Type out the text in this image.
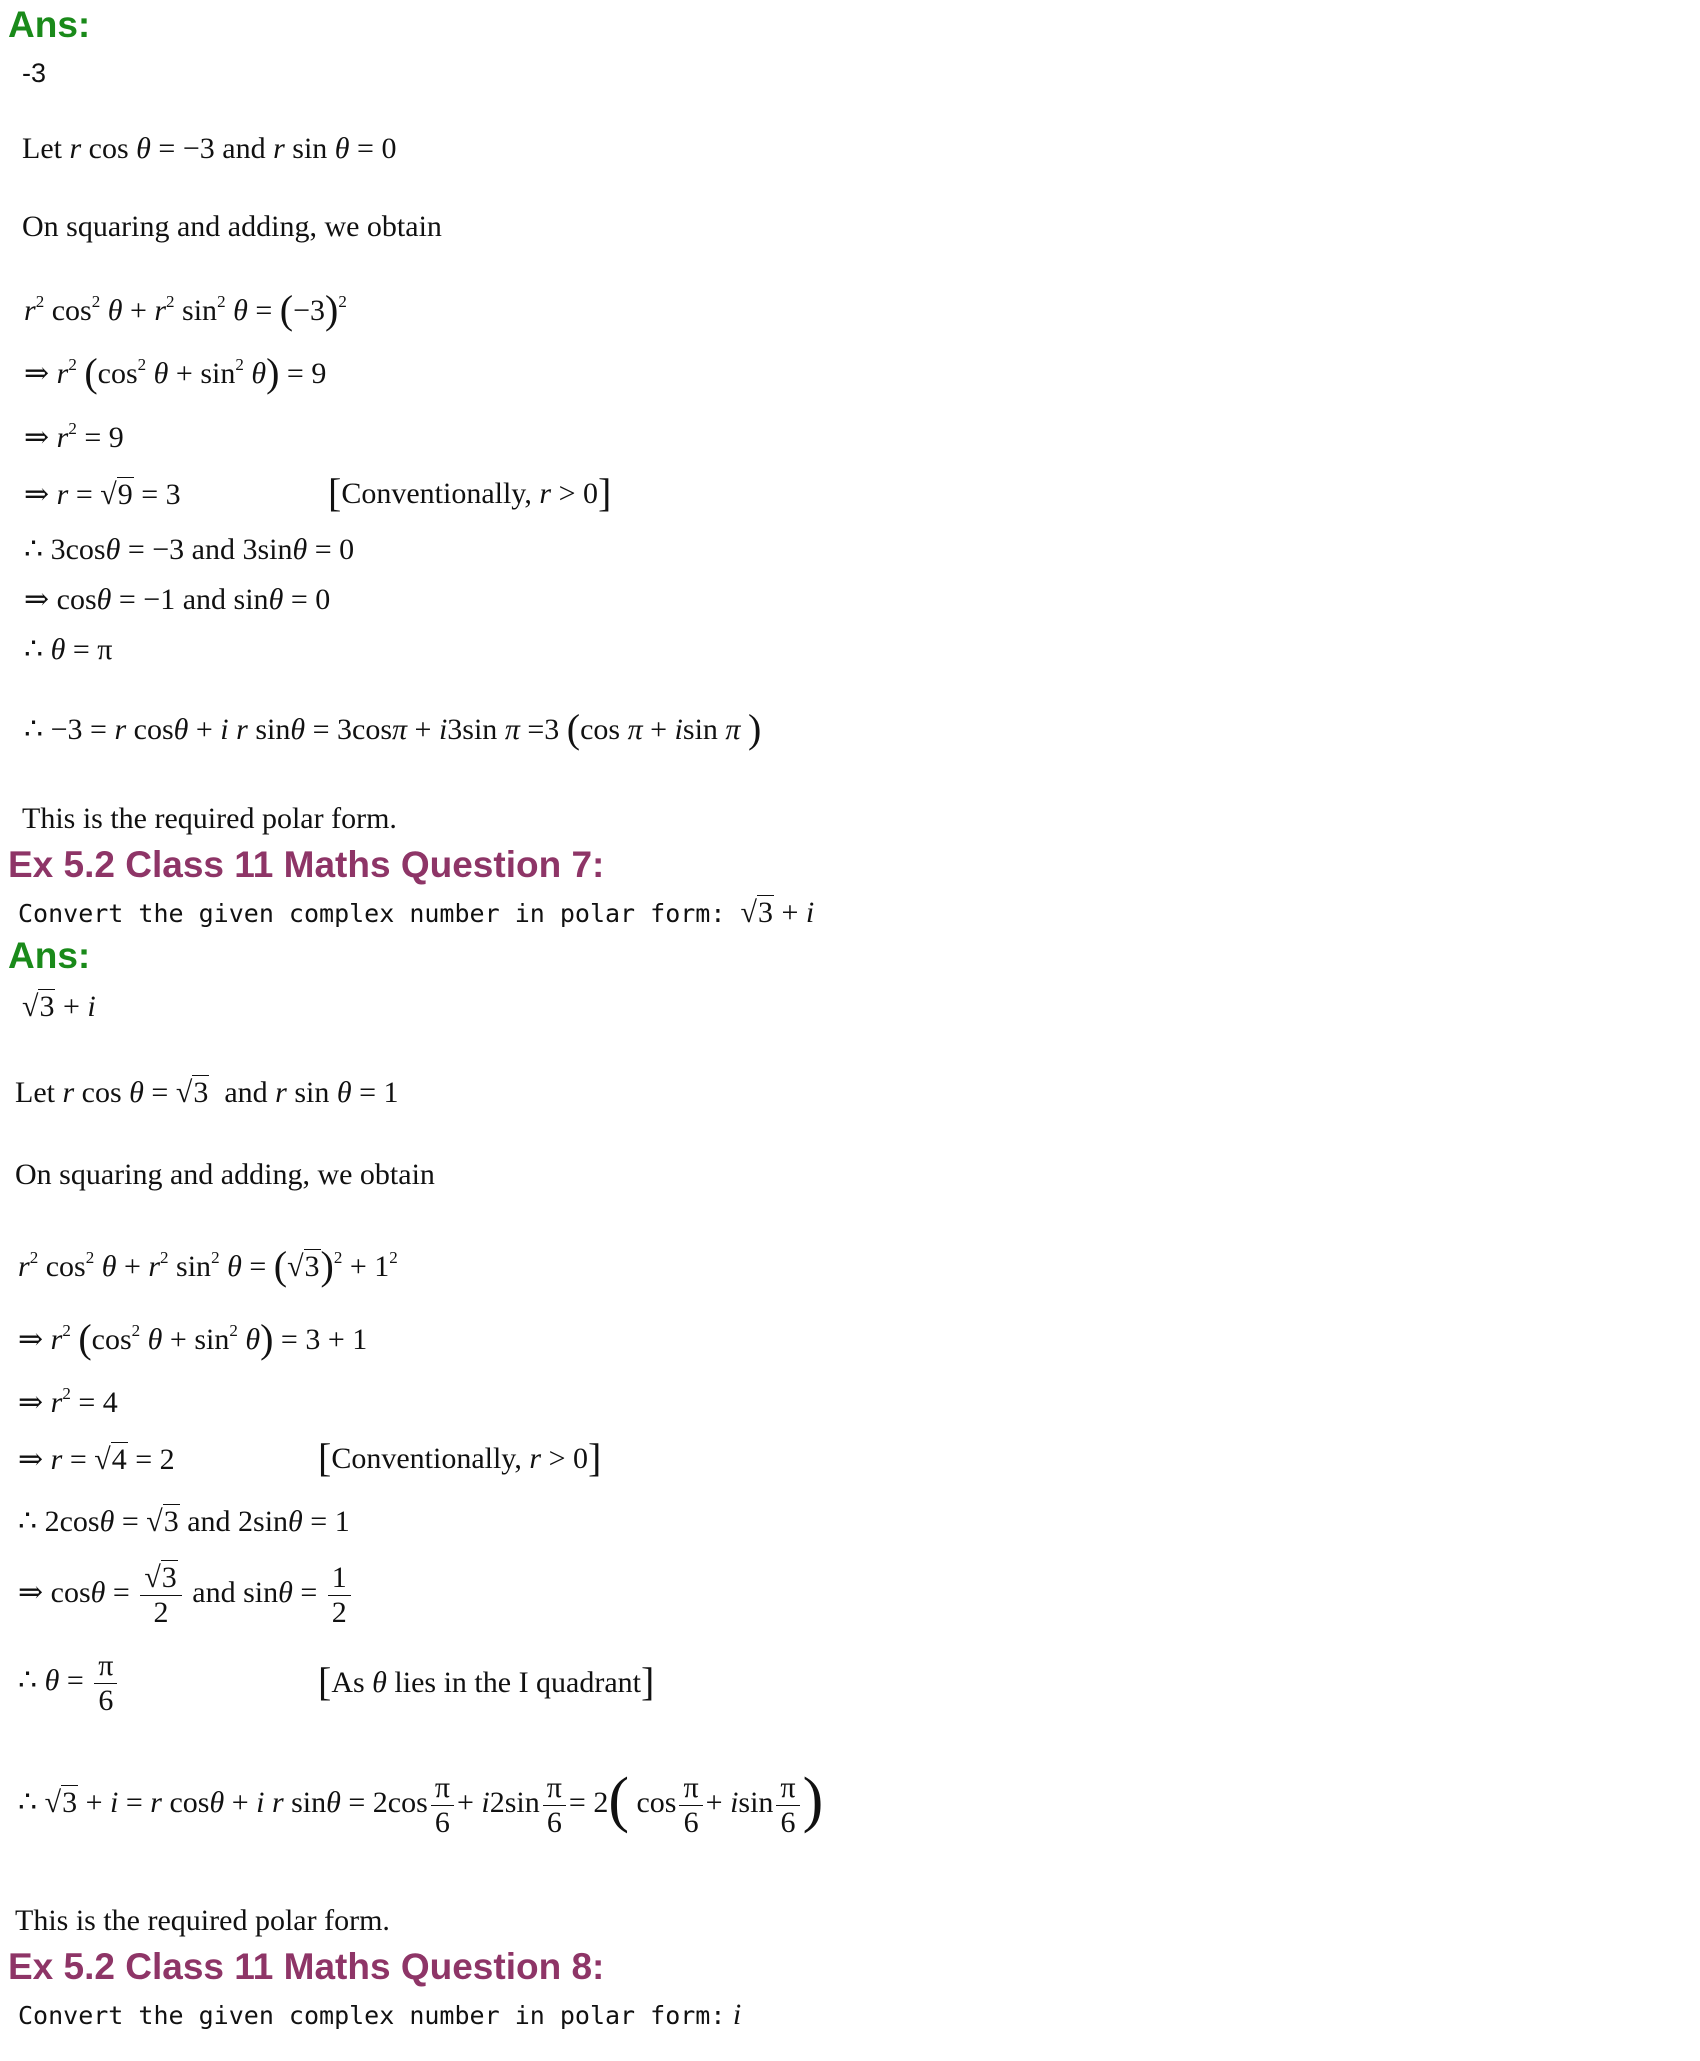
Ans:
-3
Let r cos θ = −3 and r sin θ = 0
On squaring and adding, we obtain
$r^2$ $\cos^2 \theta + r^2$ $\sin^2 \theta = (-3)^2$
⇒ $r^2$ ($\cos^2$ $\theta + \sin^2 \theta) = 9$
⇒ $r^2 = 9$
⇒ r = √9 = 3	[Conventionally, r > 0]
∴ 3cosθ = −3 and 3sinθ = 0
⇒ cosθ = −1 and sinθ = 0
∴ θ = π
∴ −3 = r cosθ + i r sinθ = 3cosπ + i3sin π =3 (cos π + isin π )
This is the required polar form.
Ex 5.2 Class 11 Maths Question 7:
Convert the given complex number in polar form: √3 + i
Ans:
√3 + i
Let r cos θ = √3  and r sin θ = 1
On squaring and adding, we obtain
$r^2$ $\cos^2 \theta + r^2$ $\sin^2 \theta = (√3)^2 + 1^2$
⇒ $r^2$ ($\cos^2$ $\theta + \sin^2 \theta) = 3 + 1$
⇒ $r^2 = 4$
⇒ r = √4 = 2	[Conventionally, r > 0]
∴ 2cosθ = √3 and 2sinθ = 1
⇒ $\cos\theta = \frac{√3}{2}$ and $\sin\theta = \frac{1}{2}$
∴ $\theta = \frac{\pi}{6}$	[As θ lies in the I quadrant]
∴ √3 + i = r cosθ + i r $\sin\theta = 2\cos \frac{\pi}{6} + i2\sin \frac{\pi}{6} = 2$( $\cos \frac{\pi}{6} + isin \frac{\pi}{6}$ )
This is the required polar form.
Ex 5.2 Class 11 Maths Question 8:
Convert the given complex number in polar form: i
